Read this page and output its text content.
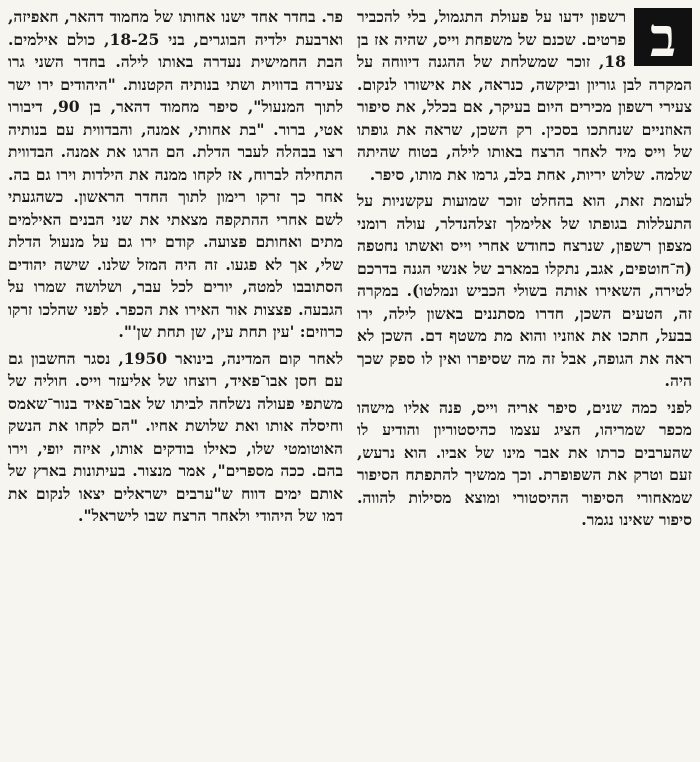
ב

רשפון ידעו על פעולת התגמול, בלי להכביר פרטים. שכנם של משפחת וייס, שהיה אז בן 18, זוכר שמשלחת של ההגנה דיווחה על המקרה לבן גוריון וביקשה, כנראה, את אישורו לנקום. צעירי רשפון מכירים היום בעיקר, אם בכלל, את סיפור האוזניים שנחתכו בסכין. רק השכן, שראה את גופתו של וייס מיד לאחר הרצח באותו לילה, בטוח שהיתה שלמה. שלוש יריות, אחת בלב, גרמו את מותו, סיפר.

לעומת זאת, הוא בהחלט זוכר שמועות עקשניות על התעללות בגופתו של אלימלך זצלהנדלר, עולה רומני מצפון רשפון, שנרצח כחודש אחרי וייס ואשתו נחטפה (ה־חוטפים, אגב, נתקלו במארב של אנשי הגנה בדרכם לטירה, השאירו אותה בשולי הכביש ונמלטו). במקרה זה, הטעים השכן, חדרו מסתננים באשון לילה, ירו בבעל, חתכו את אוזניו והוא מת משטף דם. השכן לא ראה את הגופה, אבל זה מה שסיפרו ואין לו ספק שכך היה.

לפני כמה שנים, סיפר אריה וייס, פנה אליו מישהו מכפר שמריהו, הציג עצמו כהיסטוריון והודיע לו שהערבים כרתו את אבר מינו של אביו. הוא נרעש, זעם וטרק את השפופרת. וכך ממשיך להתפתח הסיפור שמאחורי הסיפור ההיסטורי ומוצא מסילות להווה. סיפור שאינו נגמר.

פר. בחדר אחד ישנו אחותו של מחמוד דהאר, חאפיזה, וארבעת ילדיה הבוגרים, בני 18-25, כולם אילמים. הבת החמישית נעדרה באותו לילה. בחדר השני גרו צעירה בדווית ושתי בנותיה הקטנות. "היהודים ירו ישר לתוך המנעול", סיפר מחמוד דהאר, בן 90, דיבורו אטי, ברור. "בת אחותי, אמנה, והבדווית עם בנותיה רצו בבהלה לעבר הדלת. הם הרגו את אמנה. הבדווית התחילה לברוח, אז לקחו ממנה את הילדות וירו גם בה. אחר כך זרקו רימון לתוך החדר הראשון. כשהגעתי לשם אחרי ההתקפה מצאתי את שני הבנים האילמים מתים ואחותם פצועה. קודם ירו גם על מנעול הדלת שלי, אך לא פגעו. זה היה המזל שלנו. שישה יהודים הסתובבו למטה, יורים לכל עבר, ושלושה שמרו על הגבעה. פצצות אור האירו את הכפר. לפני שהלכו זרקו כרוזים: 'עין תחת עין, שן תחת שן'".

לאחר קום המדינה, בינואר 1950, נסגר החשבון גם עם חסן אבו־פאיד, רוצחו של אליעזר וייס. חוליה של משתפי פעולה נשלחה לביתו של אבו־פאיד בנור־שאמס וחיסלה אותו ואת שלושת אחיו. "הם לקחו את הנשק האוטומטי שלו, כאילו בודקים אותו, איזה יופי, וירו בהם. ככה מספרים", אמר מנצור. בעיתונות בארץ של אותם ימים דווח ש"ערבים ישראלים יצאו לנקום את דמו של היהודי ולאחר הרצח שבו לישראל".
